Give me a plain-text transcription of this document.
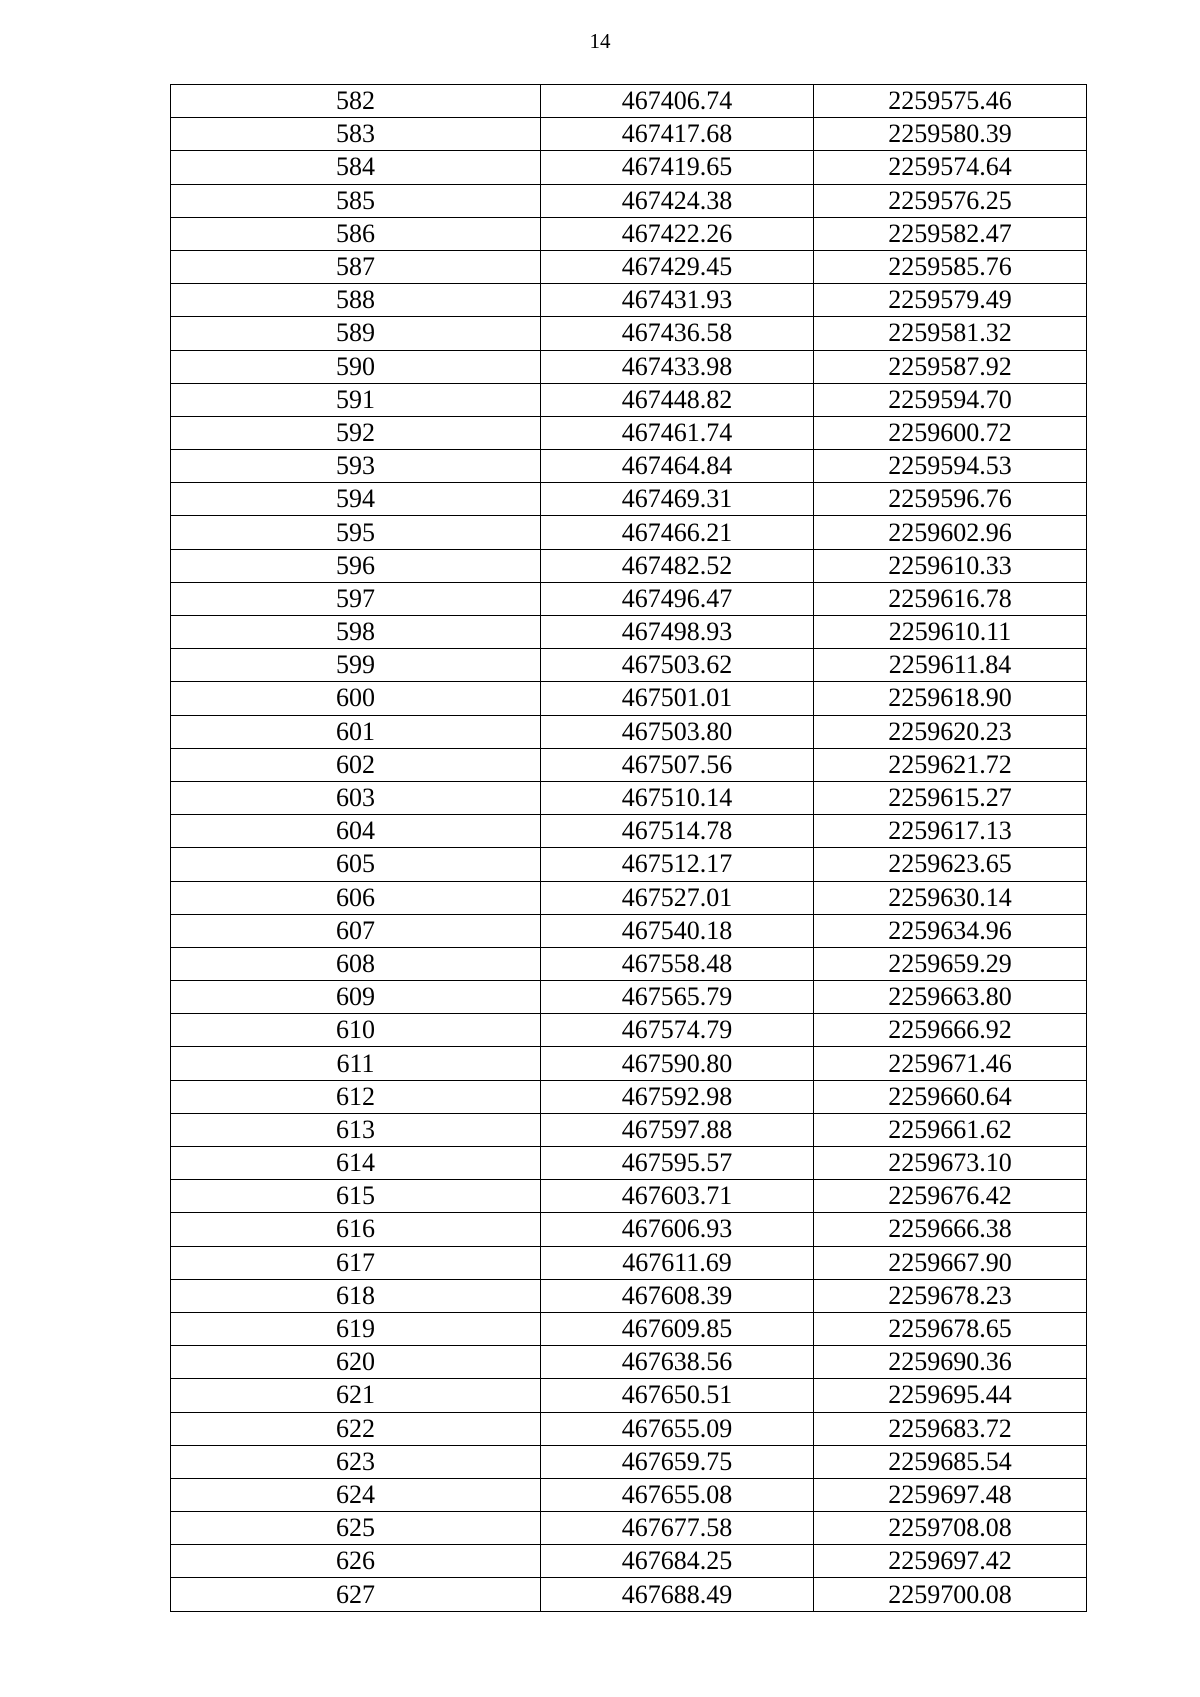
14
582	467406.74	2259575.46
583	467417.68	2259580.39
584	467419.65	2259574.64
585	467424.38	2259576.25
586	467422.26	2259582.47
587	467429.45	2259585.76
588	467431.93	2259579.49
589	467436.58	2259581.32
590	467433.98	2259587.92
591	467448.82	2259594.70
592	467461.74	2259600.72
593	467464.84	2259594.53
594	467469.31	2259596.76
595	467466.21	2259602.96
596	467482.52	2259610.33
597	467496.47	2259616.78
598	467498.93	2259610.11
599	467503.62	2259611.84
600	467501.01	2259618.90
601	467503.80	2259620.23
602	467507.56	2259621.72
603	467510.14	2259615.27
604	467514.78	2259617.13
605	467512.17	2259623.65
606	467527.01	2259630.14
607	467540.18	2259634.96
608	467558.48	2259659.29
609	467565.79	2259663.80
610	467574.79	2259666.92
611	467590.80	2259671.46
612	467592.98	2259660.64
613	467597.88	2259661.62
614	467595.57	2259673.10
615	467603.71	2259676.42
616	467606.93	2259666.38
617	467611.69	2259667.90
618	467608.39	2259678.23
619	467609.85	2259678.65
620	467638.56	2259690.36
621	467650.51	2259695.44
622	467655.09	2259683.72
623	467659.75	2259685.54
624	467655.08	2259697.48
625	467677.58	2259708.08
626	467684.25	2259697.42
627	467688.49	2259700.08
